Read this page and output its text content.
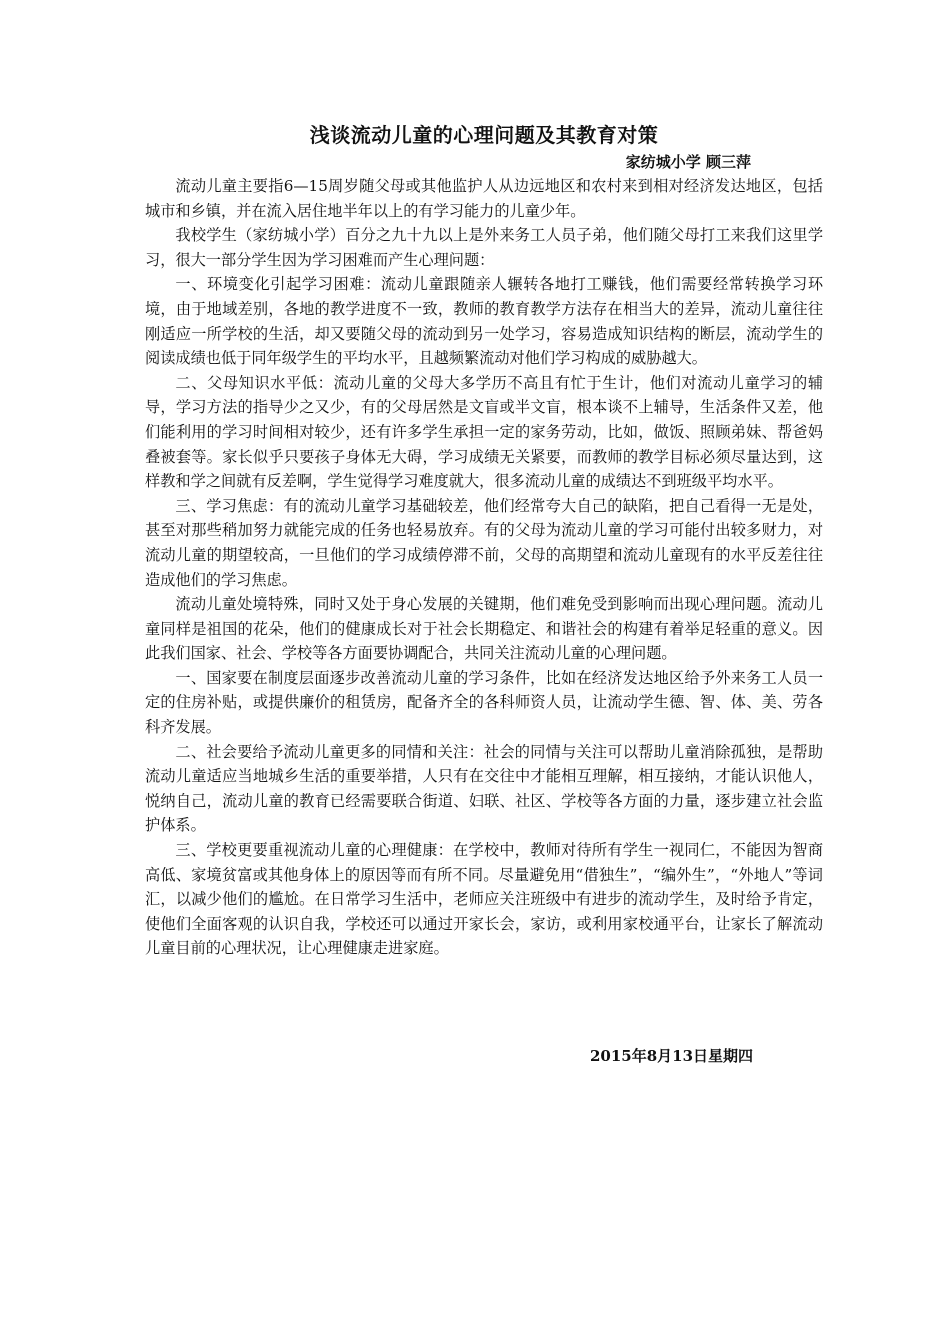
浅谈流动儿童的心理问题及其教育对策

家纺城小学 顾三萍

流动儿童主要指6—15周岁随父母或其他监护人从边远地区和农村来到相对经济发达地区，包括城市和乡镇，并在流入居住地半年以上的有学习能力的儿童少年。

我校学生（家纺城小学）百分之九十九以上是外来务工人员子弟，他们随父母打工来我们这里学习，很大一部分学生因为学习困难而产生心理问题：

一、环境变化引起学习困难：流动儿童跟随亲人辗转各地打工赚钱，他们需要经常转换学习环境，由于地域差别，各地的教学进度不一致，教师的教育教学方法存在相当大的差异，流动儿童往往刚适应一所学校的生活，却又要随父母的流动到另一处学习，容易造成知识结构的断层，流动学生的阅读成绩也低于同年级学生的平均水平，且越频繁流动对他们学习构成的威胁越大。

二、父母知识水平低：流动儿童的父母大多学历不高且有忙于生计，他们对流动儿童学习的辅导，学习方法的指导少之又少，有的父母居然是文盲或半文盲，根本谈不上辅导，生活条件又差，他们能利用的学习时间相对较少，还有许多学生承担一定的家务劳动，比如，做饭、照顾弟妹、帮爸妈叠被套等。家长似乎只要孩子身体无大碍，学习成绩无关紧要，而教师的教学目标必须尽量达到，这样教和学之间就有反差啊，学生觉得学习难度就大，很多流动儿童的成绩达不到班级平均水平。

三、学习焦虑：有的流动儿童学习基础较差，他们经常夸大自己的缺陷，把自己看得一无是处，甚至对那些稍加努力就能完成的任务也轻易放弃。有的父母为流动儿童的学习可能付出较多财力，对流动儿童的期望较高，一旦他们的学习成绩停滞不前，父母的高期望和流动儿童现有的水平反差往往造成他们的学习焦虑。

流动儿童处境特殊，同时又处于身心发展的关键期，他们难免受到影响而出现心理问题。流动儿童同样是祖国的花朵，他们的健康成长对于社会长期稳定、和谐社会的构建有着举足轻重的意义。因此我们国家、社会、学校等各方面要协调配合，共同关注流动儿童的心理问题。

一、国家要在制度层面逐步改善流动儿童的学习条件，比如在经济发达地区给予外来务工人员一定的住房补贴，或提供廉价的租赁房，配备齐全的各科师资人员，让流动学生德、智、体、美、劳各科齐发展。

二、社会要给予流动儿童更多的同情和关注：社会的同情与关注可以帮助儿童消除孤独，是帮助流动儿童适应当地城乡生活的重要举措，人只有在交往中才能相互理解，相互接纳，才能认识他人，悦纳自己，流动儿童的教育已经需要联合街道、妇联、社区、学校等各方面的力量，逐步建立社会监护体系。

三、学校更要重视流动儿童的心理健康：在学校中，教师对待所有学生一视同仁，不能因为智商高低、家境贫富或其他身体上的原因等而有所不同。尽量避免用“借独生”，“编外生”，“外地人”等词汇，以减少他们的尴尬。在日常学习生活中，老师应关注班级中有进步的流动学生，及时给予肯定，使他们全面客观的认识自我，学校还可以通过开家长会，家访，或利用家校通平台，让家长了解流动儿童目前的心理状况，让心理健康走进家庭。

2015年8月13日星期四
